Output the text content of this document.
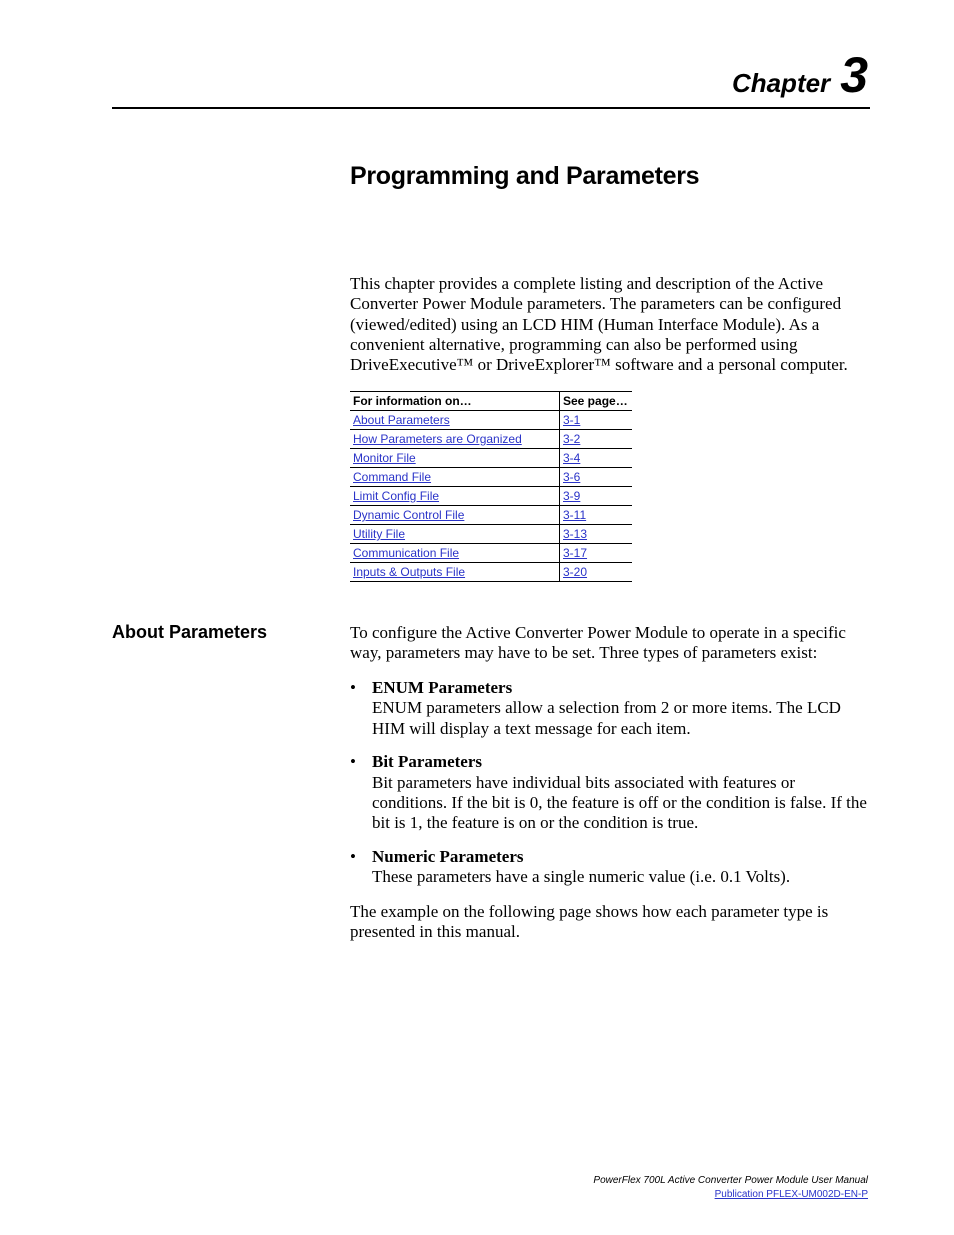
Chapter 3
Programming and Parameters

This chapter provides a complete listing and description of the Active Converter Power Module parameters. The parameters can be configured (viewed/edited) using an LCD HIM (Human Interface Module). As a convenient alternative, programming can also be performed using DriveExecutive™ or DriveExplorer™ software and a personal computer.

For information on…	See page…
About Parameters	3-1
How Parameters are Organized	3-2
Monitor File	3-4
Command File	3-6
Limit Config File	3-9
Dynamic Control File	3-11
Utility File	3-13
Communication File	3-17
Inputs & Outputs File	3-20
About Parameters	To configure the Active Converter Power Module to operate in a specific way, parameters may have to be set. Three types of parameters exist:

• ENUM Parameters
ENUM parameters allow a selection from 2 or more items. The LCD HIM will display a text message for each item.
• Bit Parameters
Bit parameters have individual bits associated with features or conditions. If the bit is 0, the feature is off or the condition is false. If the bit is 1, the feature is on or the condition is true.
• Numeric Parameters
These parameters have a single numeric value (i.e. 0.1 Volts).

The example on the following page shows how each parameter type is presented in this manual.

PowerFlex 700L Active Converter Power Module User Manual
Publication PFLEX-UM002D-EN-P
